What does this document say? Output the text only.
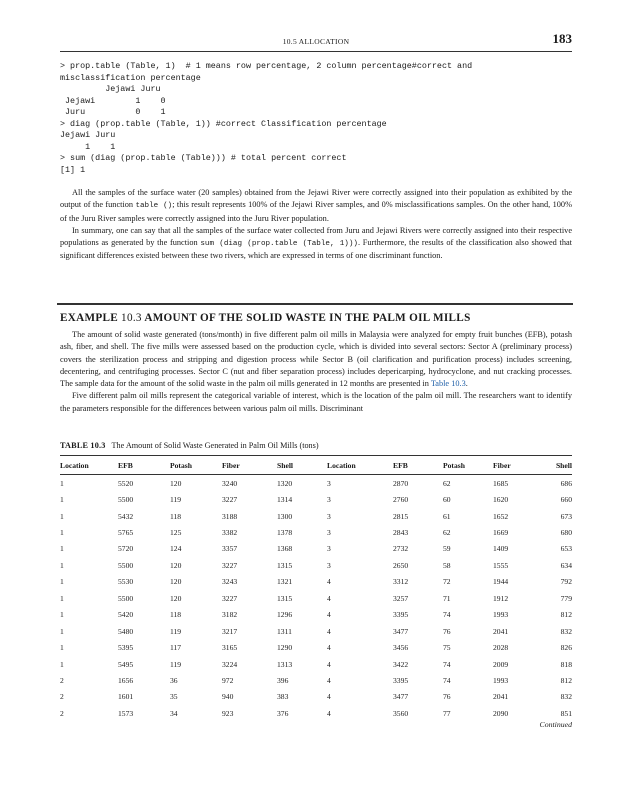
10.5 ALLOCATION	183
> prop.table (Table, 1)  # 1 means row percentage, 2 column percentage#correct and
misclassification percentage
Jejawi Juru
Jejawi        1    0
Juru          0    1
> diag (prop.table (Table, 1)) #correct Classification percentage
Jejawi Juru
1    1
> sum (diag (prop.table (Table))) # total percent correct
[1] 1

All the samples of the surface water (20 samples) obtained from the Jejawi River were correctly assigned into their population as exhibited by the output of the function table (); this result represents 100% of the Jejawi River samples, and 0% misclassifications samples. On the other hand, 100% of the Juru River samples were correctly assigned into the Juru River population.

In summary, one can say that all the samples of the surface water collected from Juru and Jejawi Rivers were correctly assigned into their respective populations as generated by the function sum (diag (prop.table (Table, 1))). Furthermore, the results of the classification also showed that significant differences existed between these two rivers, which are expressed in terms of one discriminant function.

EXAMPLE 10.3 AMOUNT OF THE SOLID WASTE IN THE PALM OIL MILLS

The amount of solid waste generated (tons/month) in five different palm oil mills in Malaysia were analyzed for empty fruit bunches (EFB), potash ash, fiber, and shell. The five mills were assessed based on the production cycle, which is divided into several sectors: Sector A (preliminary process) covers the sterilization process and stripping and digestion process while Sector B (oil clarification and purification process) includes screening, decentering, and centrifuging processes. Sector C (nut and fiber separation process) includes depericarping, hydrocyclone, and nut cracking processes. The sample data for the amount of the solid waste in the palm oil mills generated in 12 months are presented in Table 10.3.

Five different palm oil mills represent the categorical variable of interest, which is the location of the palm oil mill. The researchers want to identify the parameters responsible for the differences between various palm oil mills. Discriminant

TABLE 10.3 The Amount of Solid Waste Generated in Palm Oil Mills (tons)
Location	EFB	Potash	Fiber	Shell	Location	EFB	Potash	Fiber	Shell
1	5520	120	3240	1320	3	2870	62	1685	686
1	5500	119	3227	1314	3	2760	60	1620	660
1	5432	118	3188	1300	3	2815	61	1652	673
1	5765	125	3382	1378	3	2843	62	1669	680
1	5720	124	3357	1368	3	2732	59	1409	653
1	5500	120	3227	1315	3	2650	58	1555	634
1	5530	120	3243	1321	4	3312	72	1944	792
1	5500	120	3227	1315	4	3257	71	1912	779
1	5420	118	3182	1296	4	3395	74	1993	812
1	5480	119	3217	1311	4	3477	76	2041	832
1	5395	117	3165	1290	4	3456	75	2028	826
1	5495	119	3224	1313	4	3422	74	2009	818
2	1656	36	972	396	4	3395	74	1993	812
2	1601	35	940	383	4	3477	76	2041	832
2	1573	34	923	376	4	3560	77	2090	851
Continued
